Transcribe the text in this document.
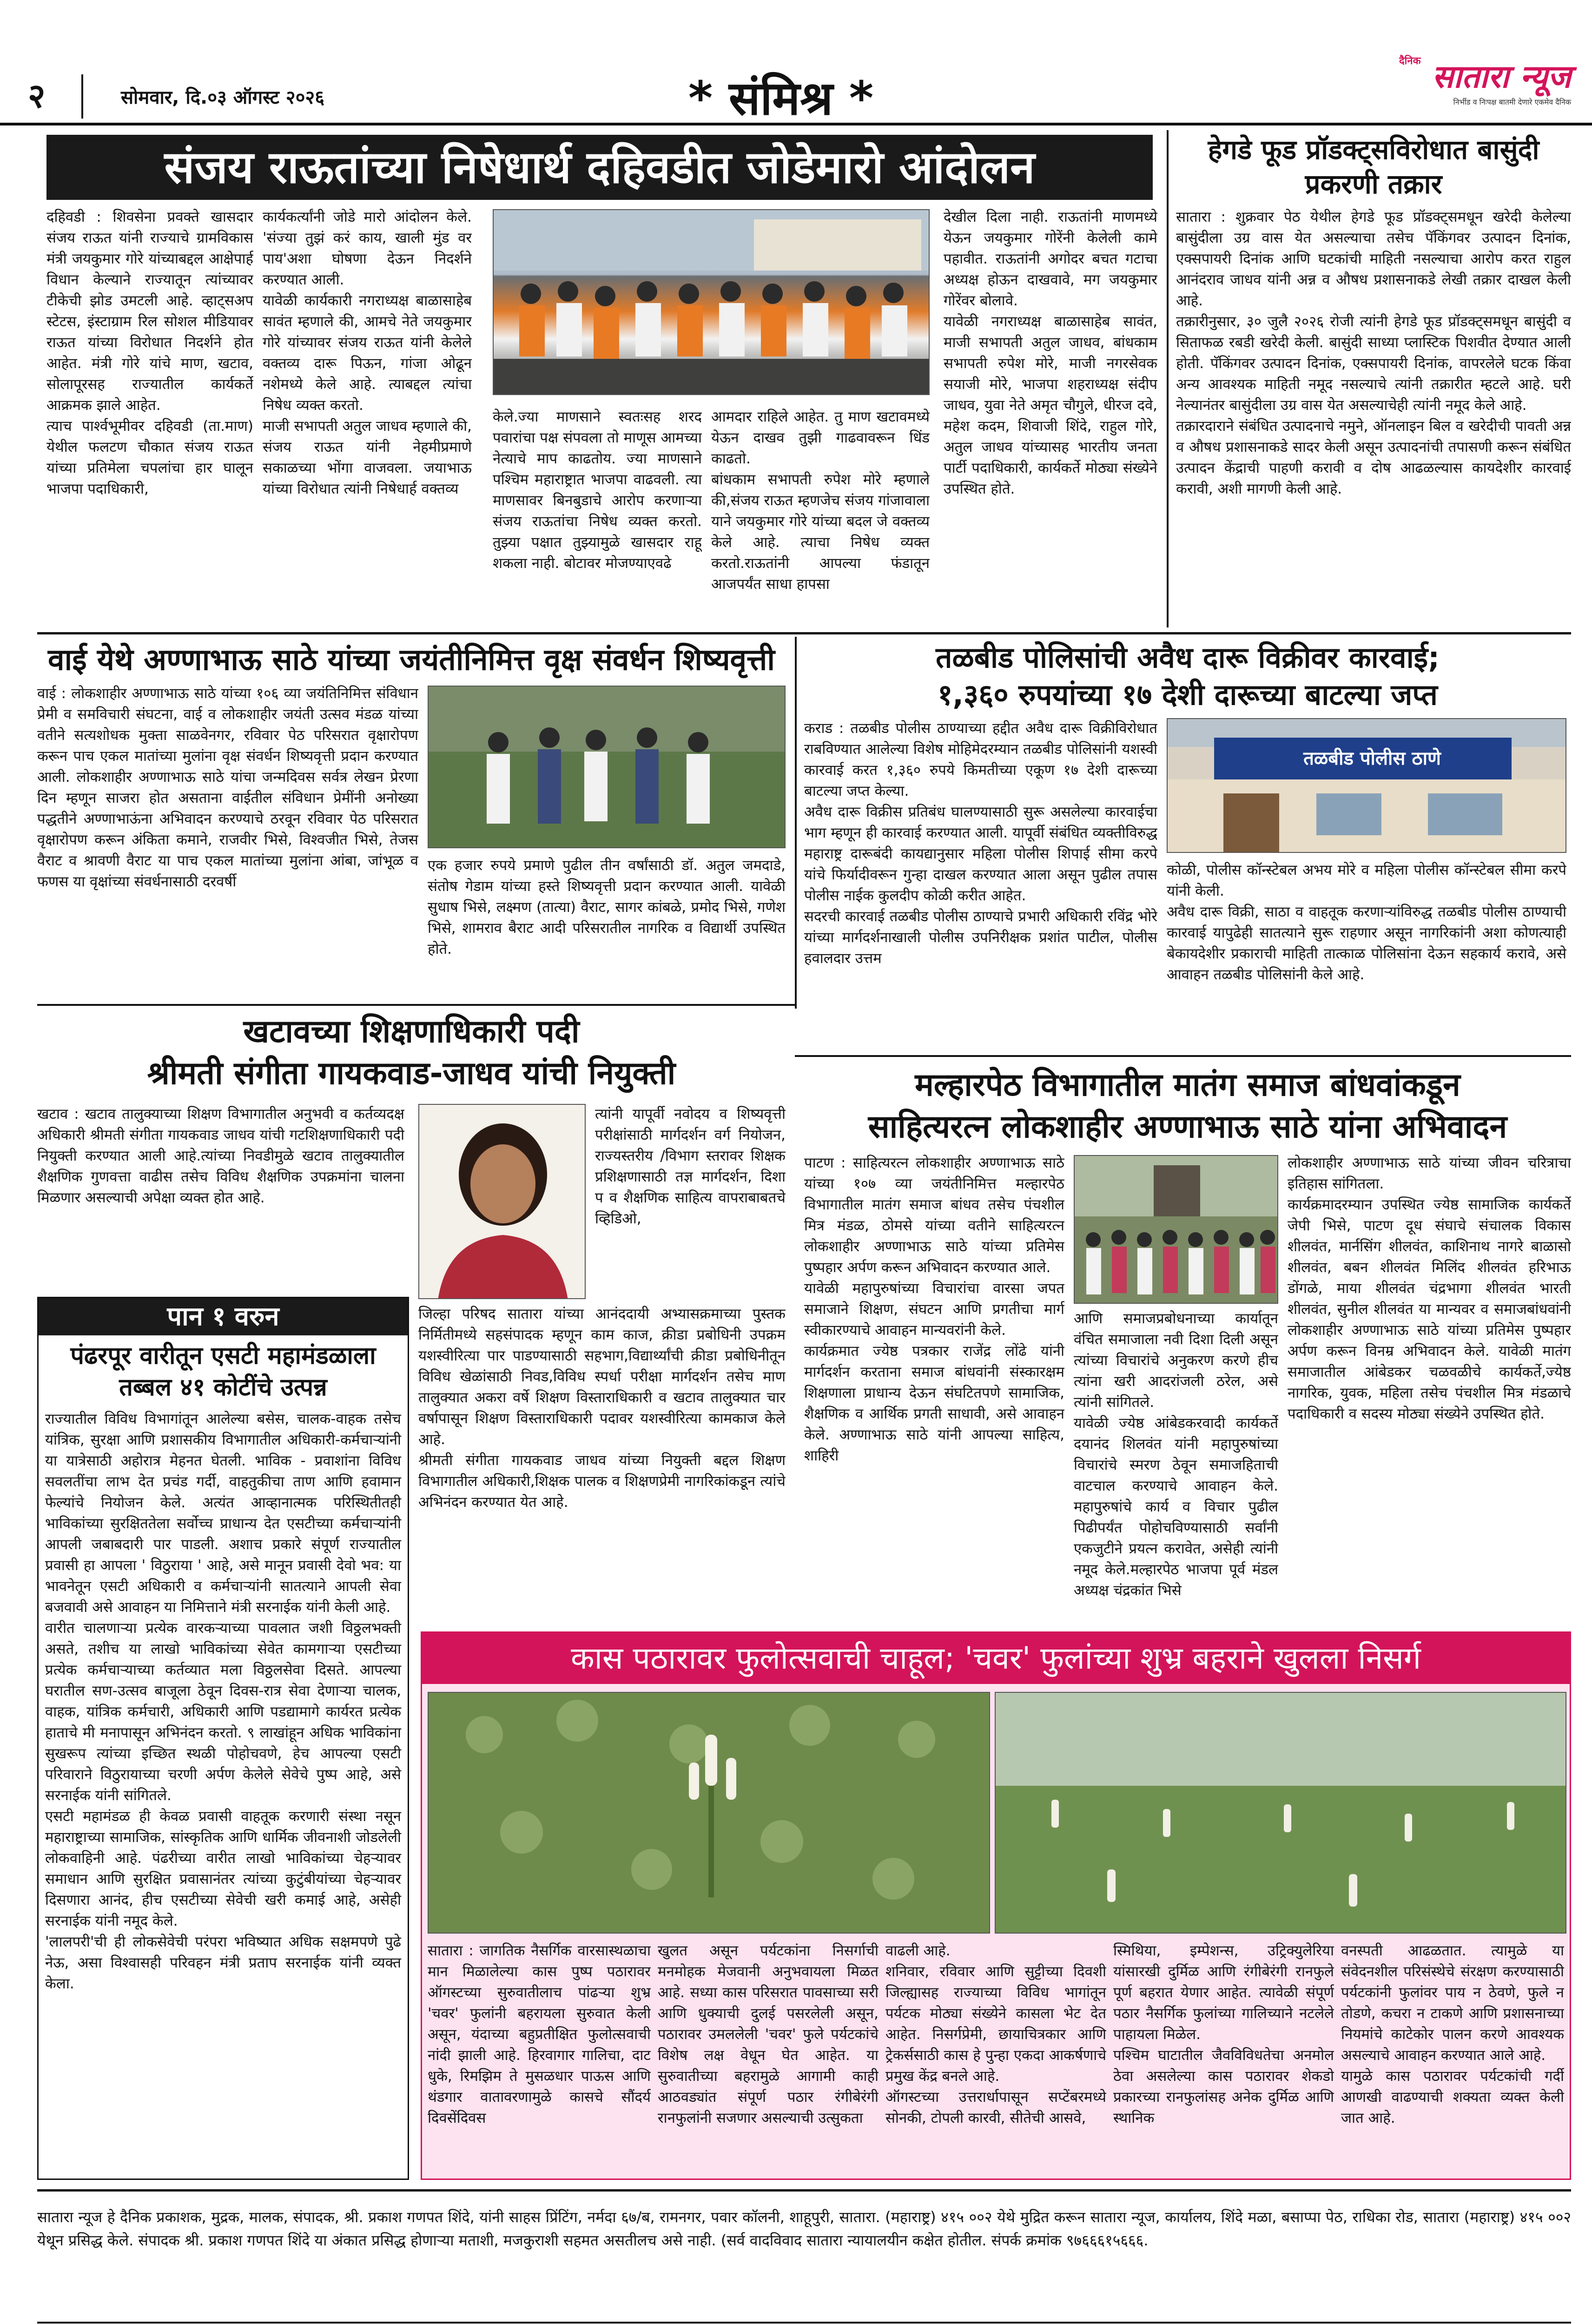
२	सोमवार, दि.०३ ऑगस्ट २०२६	* संमिश्र *
दैनिक सातारा न्यूज
निर्भीड व निःपक्ष बातमी देणारे एकमेव दैनिक
संजय राऊतांच्या निषेधार्थ दहिवडीत जोडेमारो आंदोलन
दहिवडी : शिवसेना प्रवक्ते खासदार संजय राऊत यांनी राज्याचे ग्रामविकास मंत्री जयकुमार गोरे यांच्याबद्दल आक्षेपार्ह विधान केल्याने राज्यातून त्यांच्यावर टीकेची झोड उमटली आहे. व्हाट्सअप स्टेटस, इंस्टाग्राम रिल सोशल मीडियावर राऊत यांच्या विरोधात निदर्शने होत आहेत. मंत्री गोरे यांचे माण, खटाव, सोलापूरसह राज्यातील कार्यकर्ते आक्रमक झाले आहेत.
त्याच पार्श्वभूमीवर दहिवडी (ता.माण) येथील फलटण चौकात संजय राऊत यांच्या प्रतिमेला चपलांचा हार घालून भाजपा पदाधिकारी,
कार्यकर्त्यांनी जोडे मारो आंदोलन केले. 'संज्या तुझं करं काय, खाली मुंड वर पाय'अशा घोषणा देऊन निदर्शने करण्यात आली.
यावेळी कार्यकारी नगराध्यक्ष बाळासाहेब सावंत म्हणाले की, आमचे नेते जयकुमार गोरे यांच्यावर संजय राऊत यांनी केलेले वक्तव्य दारू पिऊन, गांजा ओढून नशेमध्ये केले आहे. त्याबद्दल त्यांचा निषेध व्यक्त करतो.
माजी सभापती अतुल जाधव म्हणाले की, संजय राऊत यांनी नेहमीप्रमाणे सकाळच्या भोंगा वाजवला. जयाभाऊ यांच्या विरोधात त्यांनी निषेधार्ह वक्तव्य
केले.ज्या माणसाने स्वतःसह शरद पवारांचा पक्ष संपवला तो माणूस आमच्या नेत्याचे माप काढतोय. ज्या माणसाने पश्चिम महाराष्ट्रात भाजपा वाढवली. त्या माणसावर बिनबुडाचे आरोप करणाऱ्या संजय राऊतांचा निषेध व्यक्त करतो. तुझ्या पक्षात तुझ्यामुळे खासदार राहू शकला नाही. बोटावर मोजण्याएवढे
आमदार राहिले आहेत. तु माण खटावमध्ये येऊन दाखव तुझी गाढवावरून धिंड काढतो.
बांधकाम सभापती रुपेश मोरे म्हणाले की,संजय राऊत म्हणजेच संजय गांजावाला याने जयकुमार गोरे यांच्या बदल जे वक्तव्य केले आहे. त्याचा निषेध व्यक्त करतो.राऊतांनी आपल्या फंडातून आजपर्यंत साधा हापसा
देखील दिला नाही. राऊतांनी माणमध्ये येऊन जयकुमार गोरेंनी केलेली कामे पहावीत. राऊतांनी अगोदर बचत गटाचा अध्यक्ष होऊन दाखवावे, मग जयकुमार गोरेंवर बोलावे.
यावेळी नगराध्यक्ष बाळासाहेब सावंत, माजी सभापती अतुल जाधव, बांधकाम सभापती रुपेश मोरे, माजी नगरसेवक सयाजी मोरे, भाजपा शहराध्यक्ष संदीप जाधव, युवा नेते अमृत चौगुले, धीरज दवे, महेश कदम, शिवाजी शिंदे, राहुल गोरे, अतुल जाधव यांच्यासह भारतीय जनता पार्टी पदाधिकारी, कार्यकर्ते मोठ्या संख्येने उपस्थित होते.
हेगडे फूड प्रॉडक्ट्सविरोधात बासुंदी प्रकरणी तक्रार
सातारा : शुक्रवार पेठ येथील हेगडे फूड प्रॉडक्ट्समधून खरेदी केलेल्या बासुंदीला उग्र वास येत असल्याचा तसेच पॅकिंगवर उत्पादन दिनांक, एक्सपायरी दिनांक आणि घटकांची माहिती नसल्याचा आरोप करत राहुल आनंदराव जाधव यांनी अन्न व औषध प्रशासनाकडे लेखी तक्रार दाखल केली आहे.
तक्रारीनुसार, ३० जुलै २०२६ रोजी त्यांनी हेगडे फूड प्रॉडक्ट्समधून बासुंदी व सिताफळ रबडी खरेदी केली. बासुंदी साध्या प्लास्टिक पिशवीत देण्यात आली होती. पॅकिंगवर उत्पादन दिनांक, एक्सपायरी दिनांक, वापरलेले घटक किंवा अन्य आवश्यक माहिती नमूद नसल्याचे त्यांनी तक्रारीत म्हटले आहे. घरी नेल्यानंतर बासुंदीला उग्र वास येत असल्याचेही त्यांनी नमूद केले आहे.
तक्रारदाराने संबंधित उत्पादनाचे नमुने, ऑनलाइन बिल व खरेदीची पावती अन्न व औषध प्रशासनाकडे सादर केली असून उत्पादनांची तपासणी करून संबंधित उत्पादन केंद्राची पाहणी करावी व दोष आढळल्यास कायदेशीर कारवाई करावी, अशी मागणी केली आहे.
वाई येथे अण्णाभाऊ साठे यांच्या जयंतीनिमित्त वृक्ष संवर्धन शिष्यवृत्ती
वाई : लोकशाहीर अण्णाभाऊ साठे यांच्या १०६ व्या जयंतिनिमित्त संविधान प्रेमी व समविचारी संघटना, वाई व लोकशाहीर जयंती उत्सव मंडळ यांच्या वतीने सत्यशोधक मुक्ता साळवेनगर, रविवार पेठ परिसरात वृक्षारोपण करून पाच एकल मातांच्या मुलांना वृक्ष संवर्धन शिष्यवृत्ती प्रदान करण्यात आली. लोकशाहीर अण्णाभाऊ साठे यांचा जन्मदिवस सर्वत्र लेखन प्रेरणा दिन म्हणून साजरा होत असताना वाईतील संविधान प्रेमींनी अनोख्या पद्धतीने अण्णाभाऊंना अभिवादन करण्याचे ठरवून रविवार पेठ परिसरात वृक्षारोपण करून अंकिता कमाने, राजवीर भिसे, विश्वजीत भिसे, तेजस वैराट व श्रावणी वैराट या पाच एकल मातांच्या मुलांना आंबा, जांभूळ व फणस या वृक्षांच्या संवर्धनासाठी दरवर्षी
एक हजार रुपये प्रमाणे पुढील तीन वर्षांसाठी डॉ. अतुल जमदाडे, संतोष गेडाम यांच्या हस्ते शिष्यवृत्ती प्रदान करण्यात आली. यावेळी सुधाष भिसे, लक्ष्मण (तात्या) वैराट, सागर कांबळे, प्रमोद भिसे, गणेश भिसे, शामराव बैराट आदी परिसरातील नागरिक व विद्यार्थी उपस्थित होते.
तळबीड पोलिसांची अवैध दारू विक्रीवर कारवाई;
१,३६० रुपयांच्या १७ देशी दारूच्या बाटल्या जप्त
कराड : तळबीड पोलीस ठाण्याच्या हद्दीत अवैध दारू विक्रीविरोधात राबविण्यात आलेल्या विशेष मोहिमेदरम्यान तळबीड पोलिसांनी यशस्वी कारवाई करत १,३६० रुपये किमतीच्या एकूण १७ देशी दारूच्या बाटल्या जप्त केल्या.
अवैध दारू विक्रीस प्रतिबंध घालण्यासाठी सुरू असलेल्या कारवाईचा भाग म्हणून ही कारवाई करण्यात आली. यापूर्वी संबंधित व्यक्तीविरुद्ध महाराष्ट्र दारूबंदी कायद्यानुसार महिला पोलीस शिपाई सीमा करपे यांचे फिर्यादीवरून गुन्हा दाखल करण्यात आला असून पुढील तपास पोलीस नाईक कुलदीप कोळी करीत आहेत.
सदरची कारवाई तळबीड पोलीस ठाण्याचे प्रभारी अधिकारी रविंद्र भोरे यांच्या मार्गदर्शनाखाली पोलीस उपनिरीक्षक प्रशांत पाटील, पोलीस हवालदार उत्तम
तळबीड पोलीस ठाणे
कोळी, पोलीस कॉन्स्टेबल अभय मोरे व महिला पोलीस कॉन्स्टेबल सीमा करपे यांनी केली.
अवैध दारू विक्री, साठा व वाहतूक करणाऱ्यांविरुद्ध तळबीड पोलीस ठाण्याची कारवाई यापुढेही सातत्याने सुरू राहणार असून नागरिकांनी अशा कोणत्याही बेकायदेशीर प्रकाराची माहिती तात्काळ पोलिसांना देऊन सहकार्य करावे, असे आवाहन तळबीड पोलिसांनी केले आहे.
खटावच्या शिक्षणाधिकारी पदी
श्रीमती संगीता गायकवाड-जाधव यांची नियुक्ती
खटाव : खटाव तालुक्याच्या शिक्षण विभागातील अनुभवी व कर्तव्यदक्ष अधिकारी श्रीमती संगीता गायकवाड जाधव यांची गटशिक्षणाधिकारी पदी नियुक्ती करण्यात आली आहे.त्यांच्या निवडीमुळे खटाव तालुक्यातील शैक्षणिक गुणवत्ता वाढीस तसेच विविध शैक्षणिक उपक्रमांना चालना मिळणार असल्याची अपेक्षा व्यक्त होत आहे.
त्यांनी यापूर्वी नवोदय व शिष्यवृत्ती परीक्षांसाठी मार्गदर्शन वर्ग नियोजन, राज्यस्तरीय /विभाग स्तरावर शिक्षक प्रशिक्षणासाठी तज्ञ मार्गदर्शन, दिशा प व शैक्षणिक साहित्य वापराबाबतचे व्हिडिओ,
जिल्हा परिषद सातारा यांच्या आनंददायी अभ्यासक्रमाच्या पुस्तक निर्मितीमध्ये सहसंपादक म्हणून काम काज, क्रीडा प्रबोधिनी उपक्रम यशस्वीरित्या पार पाडण्यासाठी सहभाग,विद्यार्थ्यांची क्रीडा प्रबोधिनीतून विविध खेळांसाठी निवड,विविध स्पर्धा परीक्षा मार्गदर्शन तसेच माण तालुक्यात अकरा वर्षे शिक्षण विस्ताराधिकारी व खटाव तालुक्यात चार वर्षापासून शिक्षण विस्ताराधिकारी पदावर यशस्वीरित्या कामकाज केले आहे.
श्रीमती संगीता गायकवाड जाधव यांच्या नियुक्ती बद्दल शिक्षण विभागातील अधिकारी,शिक्षक पालक व शिक्षणप्रेमी नागरिकांकडून त्यांचे अभिनंदन करण्यात येत आहे.
पान १ वरुन
पंढरपूर वारीतून एसटी महामंडळाला
तब्बल ४१ कोटींचे उत्पन्न
राज्यातील विविध विभागांतून आलेल्या बसेस, चालक-वाहक तसेच यांत्रिक, सुरक्षा आणि प्रशासकीय विभागातील अधिकारी-कर्मचाऱ्यांनी या यात्रेसाठी अहोरात्र मेहनत घेतली. भाविक - प्रवाशांना विविध सवलतींचा लाभ देत प्रचंड गर्दी, वाहतुकीचा ताण आणि हवामान फेल्यांचे नियोजन केले. अत्यंत आव्हानात्मक परिस्थितीतही भाविकांच्या सुरक्षिततेला सर्वोच्च प्राधान्य देत एसटीच्या कर्मचाऱ्यांनी आपली जबाबदारी पार पाडली. अशाच प्रकारे संपूर्ण राज्यातील प्रवासी हा आपला ' विठुराया ' आहे, असे मानून प्रवासी देवो भव: या भावनेतून एसटी अधिकारी व कर्मचाऱ्यांनी सातत्याने आपली सेवा बजवावी असे आवाहन या निमित्ताने मंत्री सरनाईक यांनी केली आहे.
वारीत चालणाऱ्या प्रत्येक वारकऱ्याच्या पावलात जशी विठ्ठलभक्ती असते, तशीच या लाखो भाविकांच्या सेवेत कामगाऱ्या एसटीच्या प्रत्येक कर्मचाऱ्याच्या कर्तव्यात मला विठ्ठलसेवा दिसते. आपल्या घरातील सण-उत्सव बाजूला ठेवून दिवस-रात्र सेवा देणाऱ्या चालक, वाहक, यांत्रिक कर्मचारी, अधिकारी आणि पडद्यामागे कार्यरत प्रत्येक हाताचे मी मनापासून अभिनंदन करतो. ९ लाखांहून अधिक भाविकांना सुखरूप त्यांच्या इच्छित स्थळी पोहोचवणे, हेच आपल्या एसटी परिवाराने विठुरायाच्या चरणी अर्पण केलेले सेवेचे पुष्प आहे, असे सरनाईक यांनी सांगितले.
एसटी महामंडळ ही केवळ प्रवासी वाहतूक करणारी संस्था नसून महाराष्ट्राच्या सामाजिक, सांस्कृतिक आणि धार्मिक जीवनाशी जोडलेली लोकवाहिनी आहे. पंढरीच्या वारीत लाखो भाविकांच्या चेहऱ्यावर समाधान आणि सुरक्षित प्रवासानंतर त्यांच्या कुटुंबीयांच्या चेहऱ्यावर दिसणारा आनंद, हीच एसटीच्या सेवेची खरी कमाई आहे, असेही सरनाईक यांनी नमूद केले.
'लालपरी'ची ही लोकसेवेची परंपरा भविष्यात अधिक सक्षमपणे पुढे नेऊ, असा विश्वासही परिवहन मंत्री प्रताप सरनाईक यांनी व्यक्त केला.
मल्हारपेठ विभागातील मातंग समाज बांधवांकडून
साहित्यरत्न लोकशाहीर अण्णाभाऊ साठे यांना अभिवादन
पाटण : साहित्यरत्न लोकशाहीर अण्णाभाऊ साठे यांच्या १०७ व्या जयंतीनिमित्त मल्हारपेठ विभागातील मातंग समाज बांधव तसेच पंचशील मित्र मंडळ, ठोमसे यांच्या वतीने साहित्यरत्न लोकशाहीर अण्णाभाऊ साठे यांच्या प्रतिमेस पुष्पहार अर्पण करून अभिवादन करण्यात आले.
यावेळी महापुरुषांच्या विचारांचा वारसा जपत समाजाने शिक्षण, संघटन आणि प्रगतीचा मार्ग स्वीकारण्याचे आवाहन मान्यवरांनी केले.
कार्यक्रमात ज्येष्ठ पत्रकार राजेंद्र लोंढे यांनी मार्गदर्शन करताना समाज बांधवांनी संस्कारक्षम शिक्षणाला प्राधान्य देऊन संघटितपणे सामाजिक, शैक्षणिक व आर्थिक प्रगती साधावी, असे आवाहन केले. अण्णाभाऊ साठे यांनी आपल्या साहित्य, शाहिरी
आणि समाजप्रबोधनाच्या कार्यातून वंचित समाजाला नवी दिशा दिली असून त्यांच्या विचारांचे अनुकरण करणे हीच त्यांना खरी आदरांजली ठरेल, असे त्यांनी सांगितले.
यावेळी ज्येष्ठ आंबेडकरवादी कार्यकर्ते दयानंद शिलवंत यांनी महापुरुषांच्या विचारांचे स्मरण ठेवून समाजहिताची वाटचाल करण्याचे आवाहन केले. महापुरुषांचे कार्य व विचार पुढील पिढीपर्यंत पोहोचविण्यासाठी सर्वांनी एकजुटीने प्रयत्न करावेत, असेही त्यांनी नमूद केले.मल्हारपेठ भाजपा पूर्व मंडल अध्यक्ष चंद्रकांत भिसे
लोकशाहीर अण्णाभाऊ साठे यांच्या जीवन चरित्राचा इतिहास सांगितला.
कार्यक्रमादरम्यान उपस्थित ज्येष्ठ सामाजिक कार्यकर्ते जेपी भिसे, पाटण दूध संघाचे संचालक विकास शीलवंत, मार्नसिंग शीलवंत, काशिनाथ नागरे बाळासो शीलवंत, बबन शीलवंत मिलिंद शीलवंत हरिभाऊ डोंगळे, माया शीलवंत चंद्रभागा शीलवंत भारती शीलवंत, सुनील शीलवंत या मान्यवर व समाजबांधवांनी लोकशाहीर अण्णाभाऊ साठे यांच्या प्रतिमेस पुष्पहार अर्पण करून विनम्र अभिवादन केले. यावेळी मातंग समाजातील आंबेडकर चळवळीचे कार्यकर्ते,ज्येष्ठ नागरिक, युवक, महिला तसेच पंचशील मित्र मंडळाचे पदाधिकारी व सदस्य मोठ्या संख्येने उपस्थित होते.
कास पठारावर फुलोत्सवाची चाहूल; 'चवर' फुलांच्या शुभ्र बहराने खुलला निसर्ग
सातारा : जागतिक नैसर्गिक वारसास्थळाचा मान मिळालेल्या कास पुष्प पठारावर ऑगस्टच्या सुरुवातीलाच पांढऱ्या शुभ्र 'चवर' फुलांनी बहरायला सुरुवात केली असून, यंदाच्या बहुप्रतीक्षित फुलोत्सवाची नांदी झाली आहे. हिरवागार गालिचा, दाट धुके, रिमझिम ते मुसळधार पाऊस आणि थंडगार वातावरणामुळे कासचे सौंदर्य दिवसेंदिवस
खुलत असून पर्यटकांना निसर्गाची मनमोहक मेजवानी अनुभवायला मिळत आहे. सध्या कास परिसरात पावसाच्या सरी आणि धुक्याची दुलई पसरलेली असून, पठारावर उमललेली 'चवर' फुले पर्यटकांचे विशेष लक्ष वेधून घेत आहेत. या सुरुवातीच्या बहरामुळे आगामी काही आठवड्यांत संपूर्ण पठार रंगीबेरंगी रानफुलांनी सजणार असल्याची उत्सुकता
वाढली आहे.
शनिवार, रविवार आणि सुट्टीच्या दिवशी जिल्ह्यासह राज्याच्या विविध भागांतून पर्यटक मोठ्या संख्येने कासला भेट देत आहेत. निसर्गप्रेमी, छायाचित्रकार आणि ट्रेकर्ससाठी कास हे पुन्हा एकदा आकर्षणाचे प्रमुख केंद्र बनले आहे.
ऑगस्टच्या उत्तरार्धापासून सप्टेंबरमध्ये सोनकी, टोपली कारवी, सीतेची आसवे,
स्मिथिया, इम्पेशन्स, उट्रिक्युलेरिया यांसारखी दुर्मिळ आणि रंगीबेरंगी रानफुले पूर्ण बहरात येणार आहेत. त्यावेळी संपूर्ण पठार नैसर्गिक फुलांच्या गालिच्याने नटलेले पाहायला मिळेल.
पश्चिम घाटातील जैवविविधतेचा अनमोल ठेवा असलेल्या कास पठारावर शेकडो प्रकारच्या रानफुलांसह अनेक दुर्मिळ आणि स्थानिक
वनस्पती आढळतात. त्यामुळे या संवेदनशील परिसंस्थेचे संरक्षण करण्यासाठी पर्यटकांनी फुलांवर पाय न ठेवणे, फुले न तोडणे, कचरा न टाकणे आणि प्रशासनाच्या नियमांचे काटेकोर पालन करणे आवश्यक असल्याचे आवाहन करण्यात आले आहे.
यामुळे कास पठारावर पर्यटकांची गर्दी आणखी वाढण्याची शक्यता व्यक्त केली जात आहे.
सातारा न्यूज हे दैनिक प्रकाशक, मुद्रक, मालक, संपादक, श्री. प्रकाश गणपत शिंदे, यांनी साहस प्रिंटिंग, नर्मदा ६७/ब, रामनगर, पवार कॉलनी, शाहूपुरी, सातारा. (महाराष्ट्र) ४१५ ००२ येथे मुद्रित करून सातारा न्यूज, कार्यालय, शिंदे मळा, बसाप्पा पेठ, राधिका रोड, सातारा (महाराष्ट्र) ४१५ ००२ येथून प्रसिद्ध केले. संपादक श्री. प्रकाश गणपत शिंदे या अंकात प्रसिद्ध होणाऱ्या मताशी, मजकुराशी सहमत असतीलच असे नाही. (सर्व वादविवाद सातारा न्यायालयीन कक्षेत होतील. संपर्क क्रमांक ९७६६६१५६६६.
